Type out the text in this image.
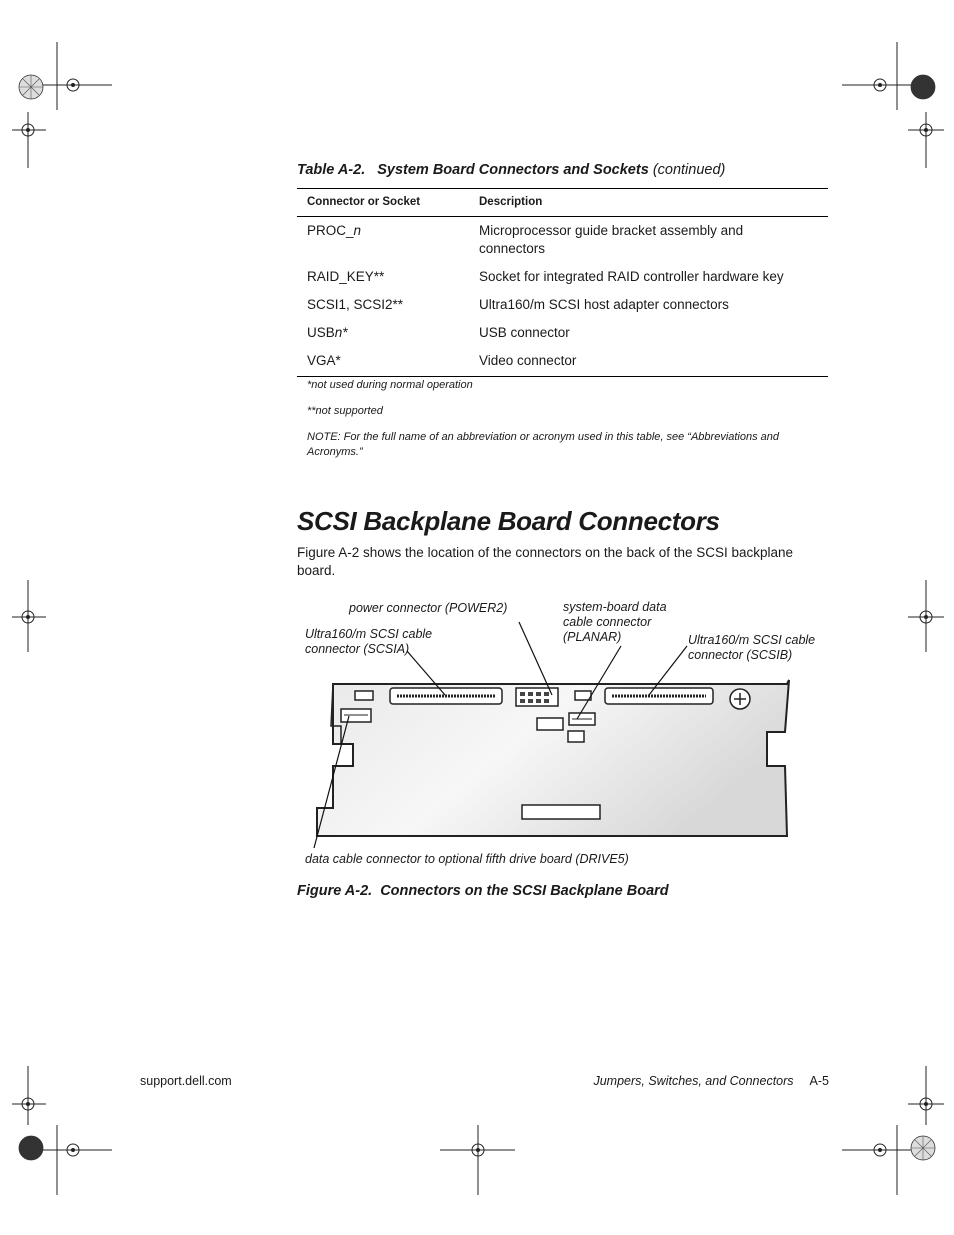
Table A-2. System Board Connectors and Sockets (continued)
Connector or Socket	Description
PROC_n	Microprocessor guide bracket assembly and connectors
RAID_KEY**	Socket for integrated RAID controller hardware key
SCSI1, SCSI2**	Ultra160/m SCSI host adapter connectors
USBn*	USB connector
VGA*	Video connector
*not used during normal operation
**not supported
NOTE: For the full name of an abbreviation or acronym used in this table, see “Abbreviations and Acronyms.”
SCSI Backplane Board Connectors
Figure A-2 shows the location of the connectors on the back of the SCSI backplane board.
power connector (POWER2)	system-board data cable connector (PLANAR)
Ultra160/m SCSI cable connector (SCSIA)
Ultra160/m SCSI cable connector (SCSIB)
data cable connector to optional fifth drive board (DRIVE5)
Figure A-2. Connectors on the SCSI Backplane Board
support.dell.com	Jumpers, Switches, and Connectors A-5
